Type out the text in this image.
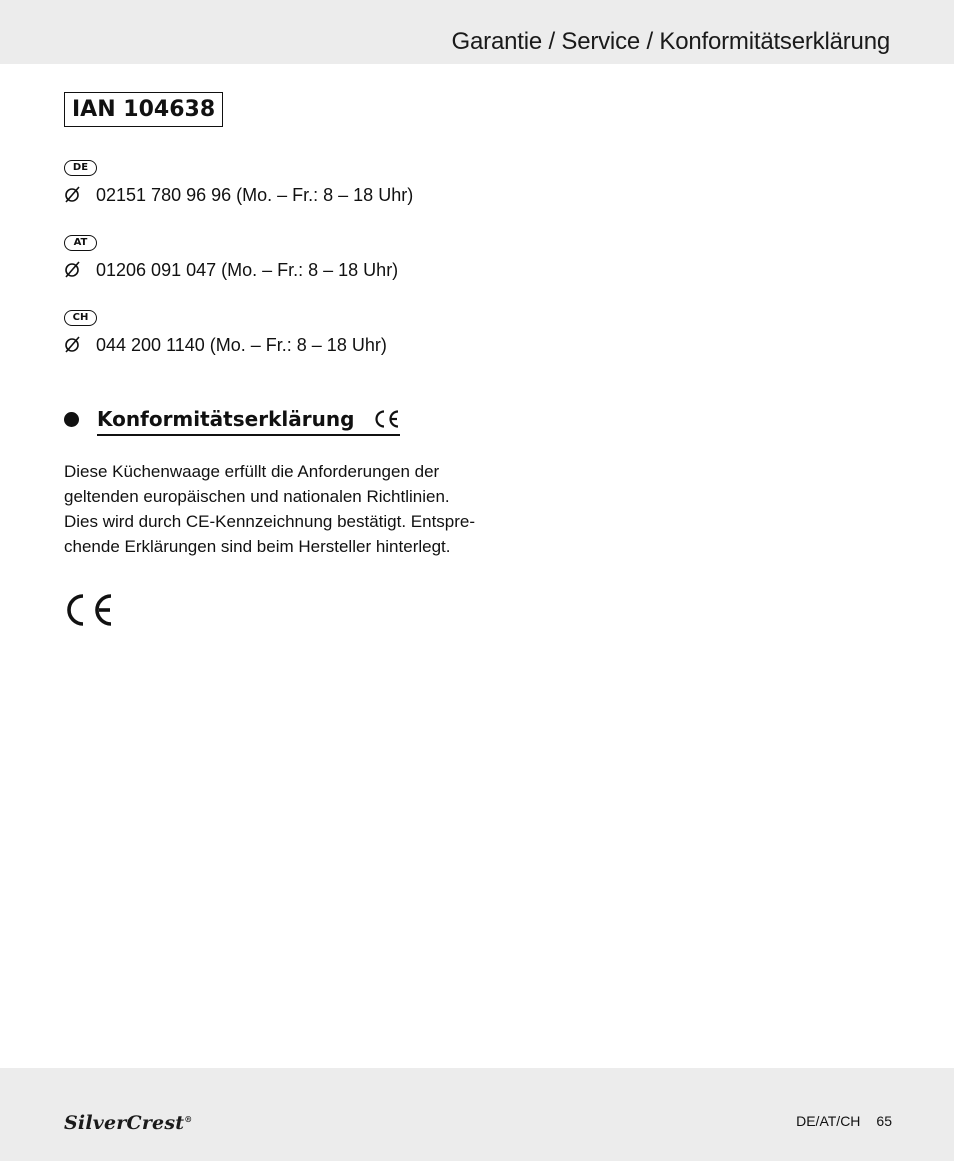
Garantie / Service / Konformitätserklärung
IAN 104638
DE
02151 780 96 96 (Mo. – Fr.: 8 – 18 Uhr)
AT
01206 091 047 (Mo. – Fr.: 8 – 18 Uhr)
CH
044 200 1140 (Mo. – Fr.: 8 – 18 Uhr)
Konformitätserklärung
Diese Küchenwaage erfüllt die Anforderungen der
geltenden europäischen und nationalen Richtlinien.
Dies wird durch CE-Kennzeichnung bestätigt. Entspre-
chende Erklärungen sind beim Hersteller hinterlegt.
SilverCrest®	DE/AT/CH 65
